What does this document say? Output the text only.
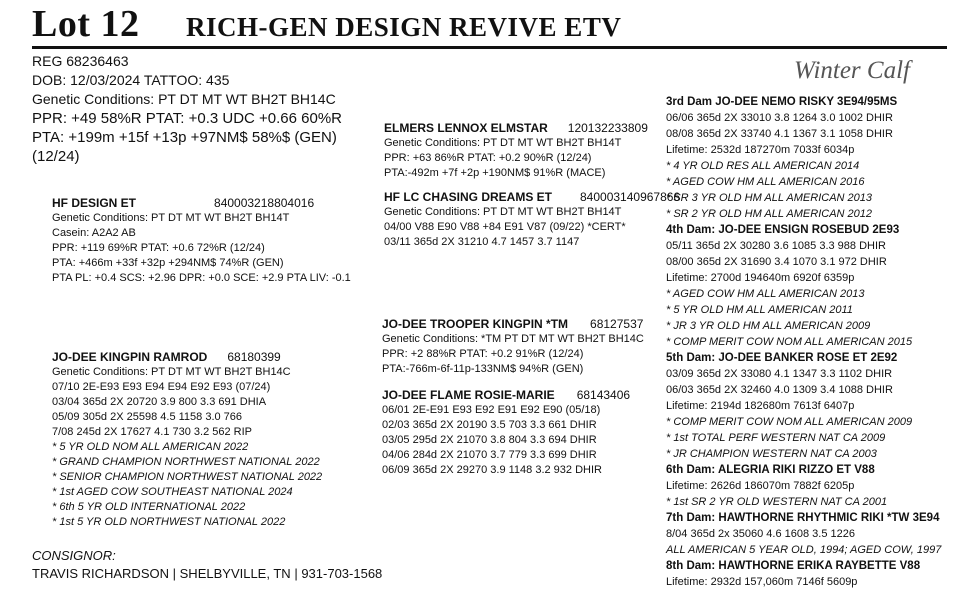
Lot 12 RICH-GEN DESIGN REVIVE ETV
Winter Calf
REG 68236463
DOB: 12/03/2024 TATTOO: 435
Genetic Conditions: PT DT MT WT BH2T BH14C
PPR: +49 58%R PTAT: +0.3 UDC +0.66 60%R
PTA: +199m +15f +13p +97NM$ 58%$ (GEN)
(12/24)
HF DESIGN ET	840003218804016
Genetic Conditions: PT DT MT WT BH2T BH14T
Casein: A2A2 AB
PPR: +119 69%R PTAT: +0.6 72%R (12/24)
PTA: +466m +33f +32p +294NM$ 74%R (GEN)
PTA PL: +0.4 SCS: +2.96 DPR: +0.0 SCE: +2.9 PTA LIV: -0.1
ELMERS LENNOX ELMSTAR 120132233809
Genetic Conditions: PT DT MT WT BH2T BH14T
PPR: +63 86%R PTAT: +0.2 90%R (12/24)
PTA:-492m +7f +2p +190NM$ 91%R (MACE)
HF LC CHASING DREAMS ET 840003140967866
Genetic Conditions: PT DT MT WT BH2T BH14T
04/00 V88 E90 V88 +84 E91 V87 (09/22) *CERT*
03/11 365d 2X 31210 4.7 1457 3.7 1147
JO-DEE KINGPIN RAMROD 68180399
Genetic Conditions: PT DT MT WT BH2T BH14C
07/10 2E-E93 E93 E94 E94 E92 E93 (07/24)
03/04 365d 2X 20720 3.9 800 3.3 691 DHIA
05/09 305d 2X 25598 4.5 1158 3.0 766
7/08 245d 2X 17627 4.1 730 3.2 562 RIP
* 5 YR OLD NOM ALL AMERICAN 2022
* GRAND CHAMPION NORTHWEST NATIONAL 2022
* SENIOR CHAMPION NORTHWEST NATIONAL 2022
* 1st AGED COW SOUTHEAST NATIONAL 2024
* 6th 5 YR OLD INTERNATIONAL 2022
* 1st 5 YR OLD NORTHWEST NATIONAL 2022
JO-DEE TROOPER KINGPIN *TM 68127537
Genetic Conditions: *TM PT DT MT WT BH2T BH14C
PPR: +2 88%R PTAT: +0.2 91%R (12/24)
PTA:-766m-6f-11p-133NM$ 94%R (GEN)
JO-DEE FLAME ROSIE-MARIE 68143406
06/01 2E-E91 E93 E92 E91 E92 E90 (05/18)
02/03 365d 2X 20190 3.5 703 3.3 661 DHIR
03/05 295d 2X 21070 3.8 804 3.3 694 DHIR
04/06 284d 2X 21070 3.7 779 3.3 699 DHIR
06/09 365d 2X 29270 3.9 1148 3.2 932 DHIR
3rd Dam JO-DEE NEMO RISKY 3E94/95MS
06/06 365d 2X 33010 3.8 1264 3.0 1002 DHIR
08/08 365d 2X 33740 4.1 1367 3.1 1058 DHIR
Lifetime: 2532d 187270m 7033f 6034p
* 4 YR OLD RES ALL AMERICAN 2014
* AGED COW HM ALL AMERICAN 2016
* SR 3 YR OLD HM ALL AMERICAN 2013
* SR 2 YR OLD HM ALL AMERICAN 2012
4th Dam: JO-DEE ENSIGN ROSEBUD 2E93
05/11 365d 2X 30280 3.6 1085 3.3 988 DHIR
08/00 365d 2X 31690 3.4 1070 3.1 972 DHIR
Lifetime: 2700d 194640m 6920f 6359p
* AGED COW HM ALL AMERICAN 2013
* 5 YR OLD HM ALL AMERICAN 2011
* JR 3 YR OLD HM ALL AMERICAN 2009
* COMP MERIT COW NOM ALL AMERICAN 2015
5th Dam: JO-DEE BANKER ROSE ET 2E92
03/09 365d 2X 33080 4.1 1347 3.3 1102 DHIR
06/03 365d 2X 32460 4.0 1309 3.4 1088 DHIR
Lifetime: 2194d 182680m 7613f 6407p
* COMP MERIT COW NOM ALL AMERICAN 2009
* 1st TOTAL PERF WESTERN NAT CA 2009
* JR CHAMPION WESTERN NAT CA 2003
6th Dam: ALEGRIA RIKI RIZZO ET V88
Lifetime: 2626d 186070m 7882f 6205p
* 1st SR 2 YR OLD WESTERN NAT CA 2001
7th Dam: HAWTHORNE RHYTHMIC RIKI *TW 3E94
8/04 365d 2x 35060 4.6 1608 3.5 1226
ALL AMERICAN 5 YEAR OLD, 1994; AGED COW, 1997
8th Dam: HAWTHORNE ERIKA RAYBETTE V88
Lifetime: 2932d 157,060m 7146f 5609p
CONSIGNOR:
TRAVIS RICHARDSON | SHELBYVILLE, TN | 931-703-1568
